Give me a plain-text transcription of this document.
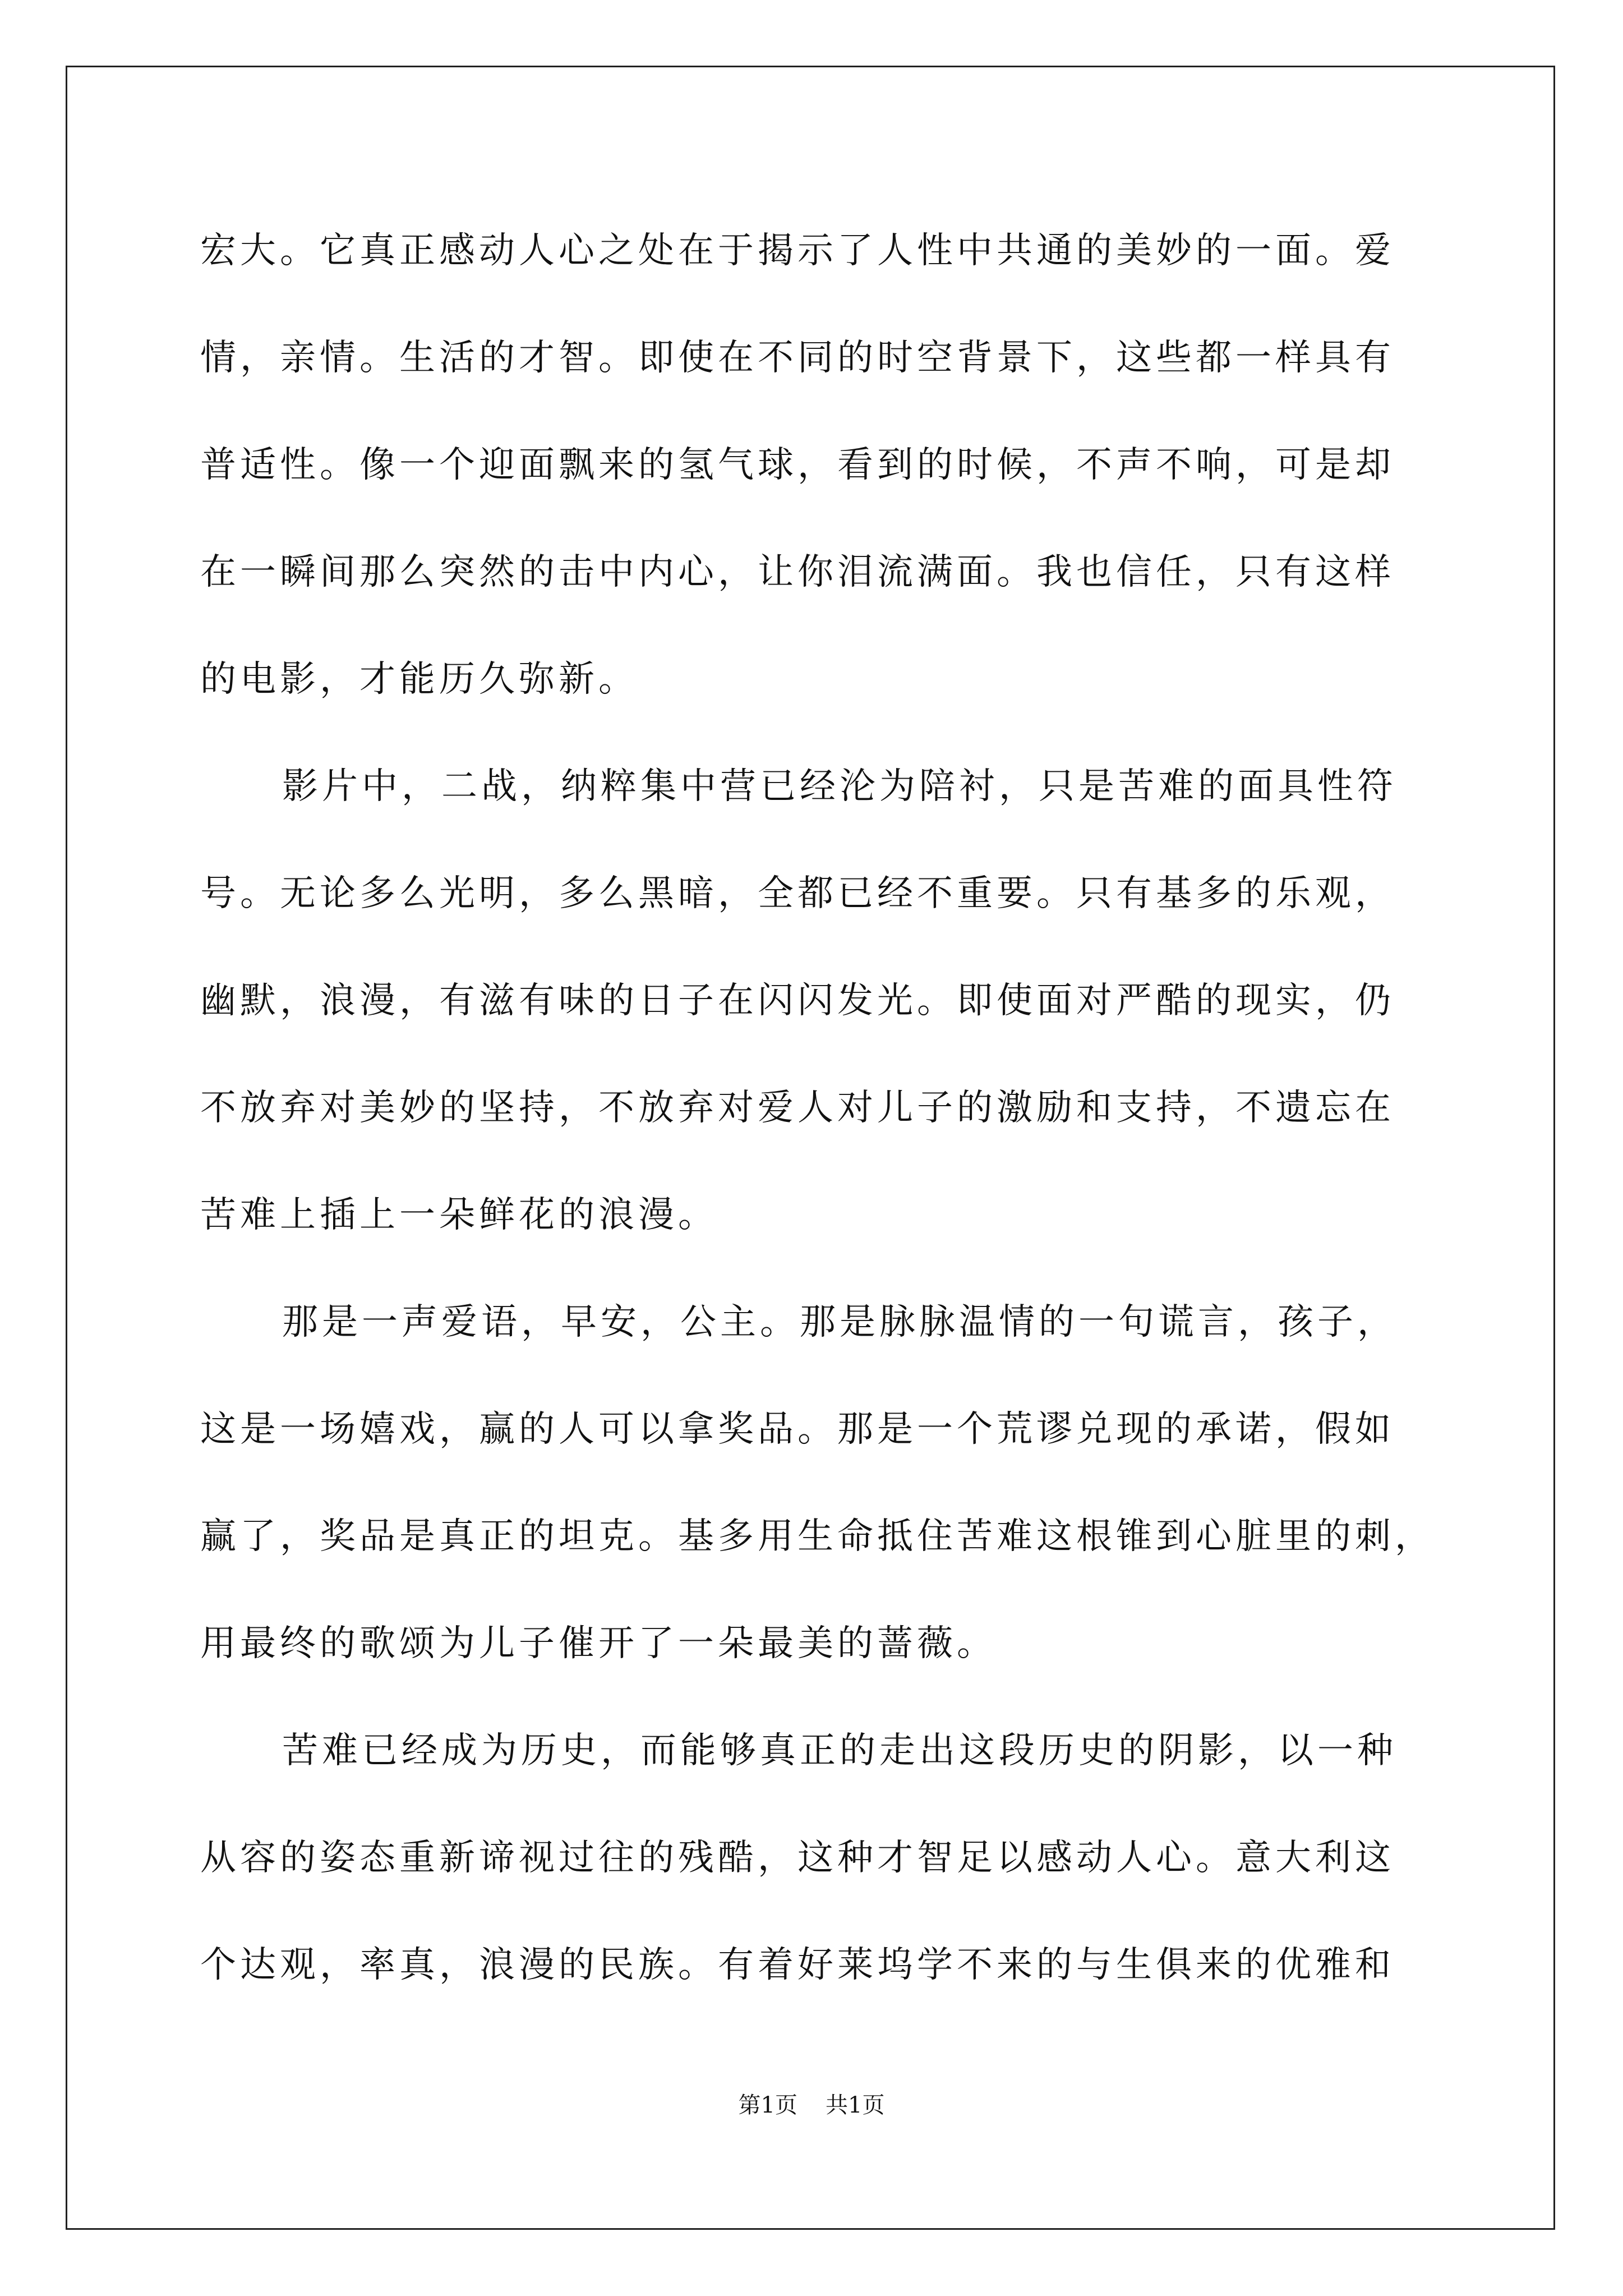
宏大。它真正感动人心之处在于揭示了人性中共通的美妙的一面。爱

情，亲情。生活的才智。即使在不同的时空背景下，这些都一样具有

普适性。像一个迎面飘来的氢气球，看到的时候，不声不响，可是却

在一瞬间那么突然的击中内心，让你泪流满面。我也信任，只有这样

的电影，才能历久弥新。

影片中，二战，纳粹集中营已经沦为陪衬，只是苦难的面具性符

号。无论多么光明，多么黑暗，全都已经不重要。只有基多的乐观，

幽默，浪漫，有滋有味的日子在闪闪发光。即使面对严酷的现实，仍

不放弃对美妙的坚持，不放弃对爱人对儿子的激励和支持，不遗忘在

苦难上插上一朵鲜花的浪漫。

那是一声爱语，早安，公主。那是脉脉温情的一句谎言，孩子，

这是一场嬉戏，赢的人可以拿奖品。那是一个荒谬兑现的承诺，假如

赢了，奖品是真正的坦克。基多用生命抵住苦难这根锥到心脏里的刺，

用最终的歌颂为儿子催开了一朵最美的蔷薇。

苦难已经成为历史，而能够真正的走出这段历史的阴影，以一种

从容的姿态重新谛视过往的残酷，这种才智足以感动人心。意大利这

个达观，率真，浪漫的民族。有着好莱坞学不来的与生俱来的优雅和

第1页 共1页
